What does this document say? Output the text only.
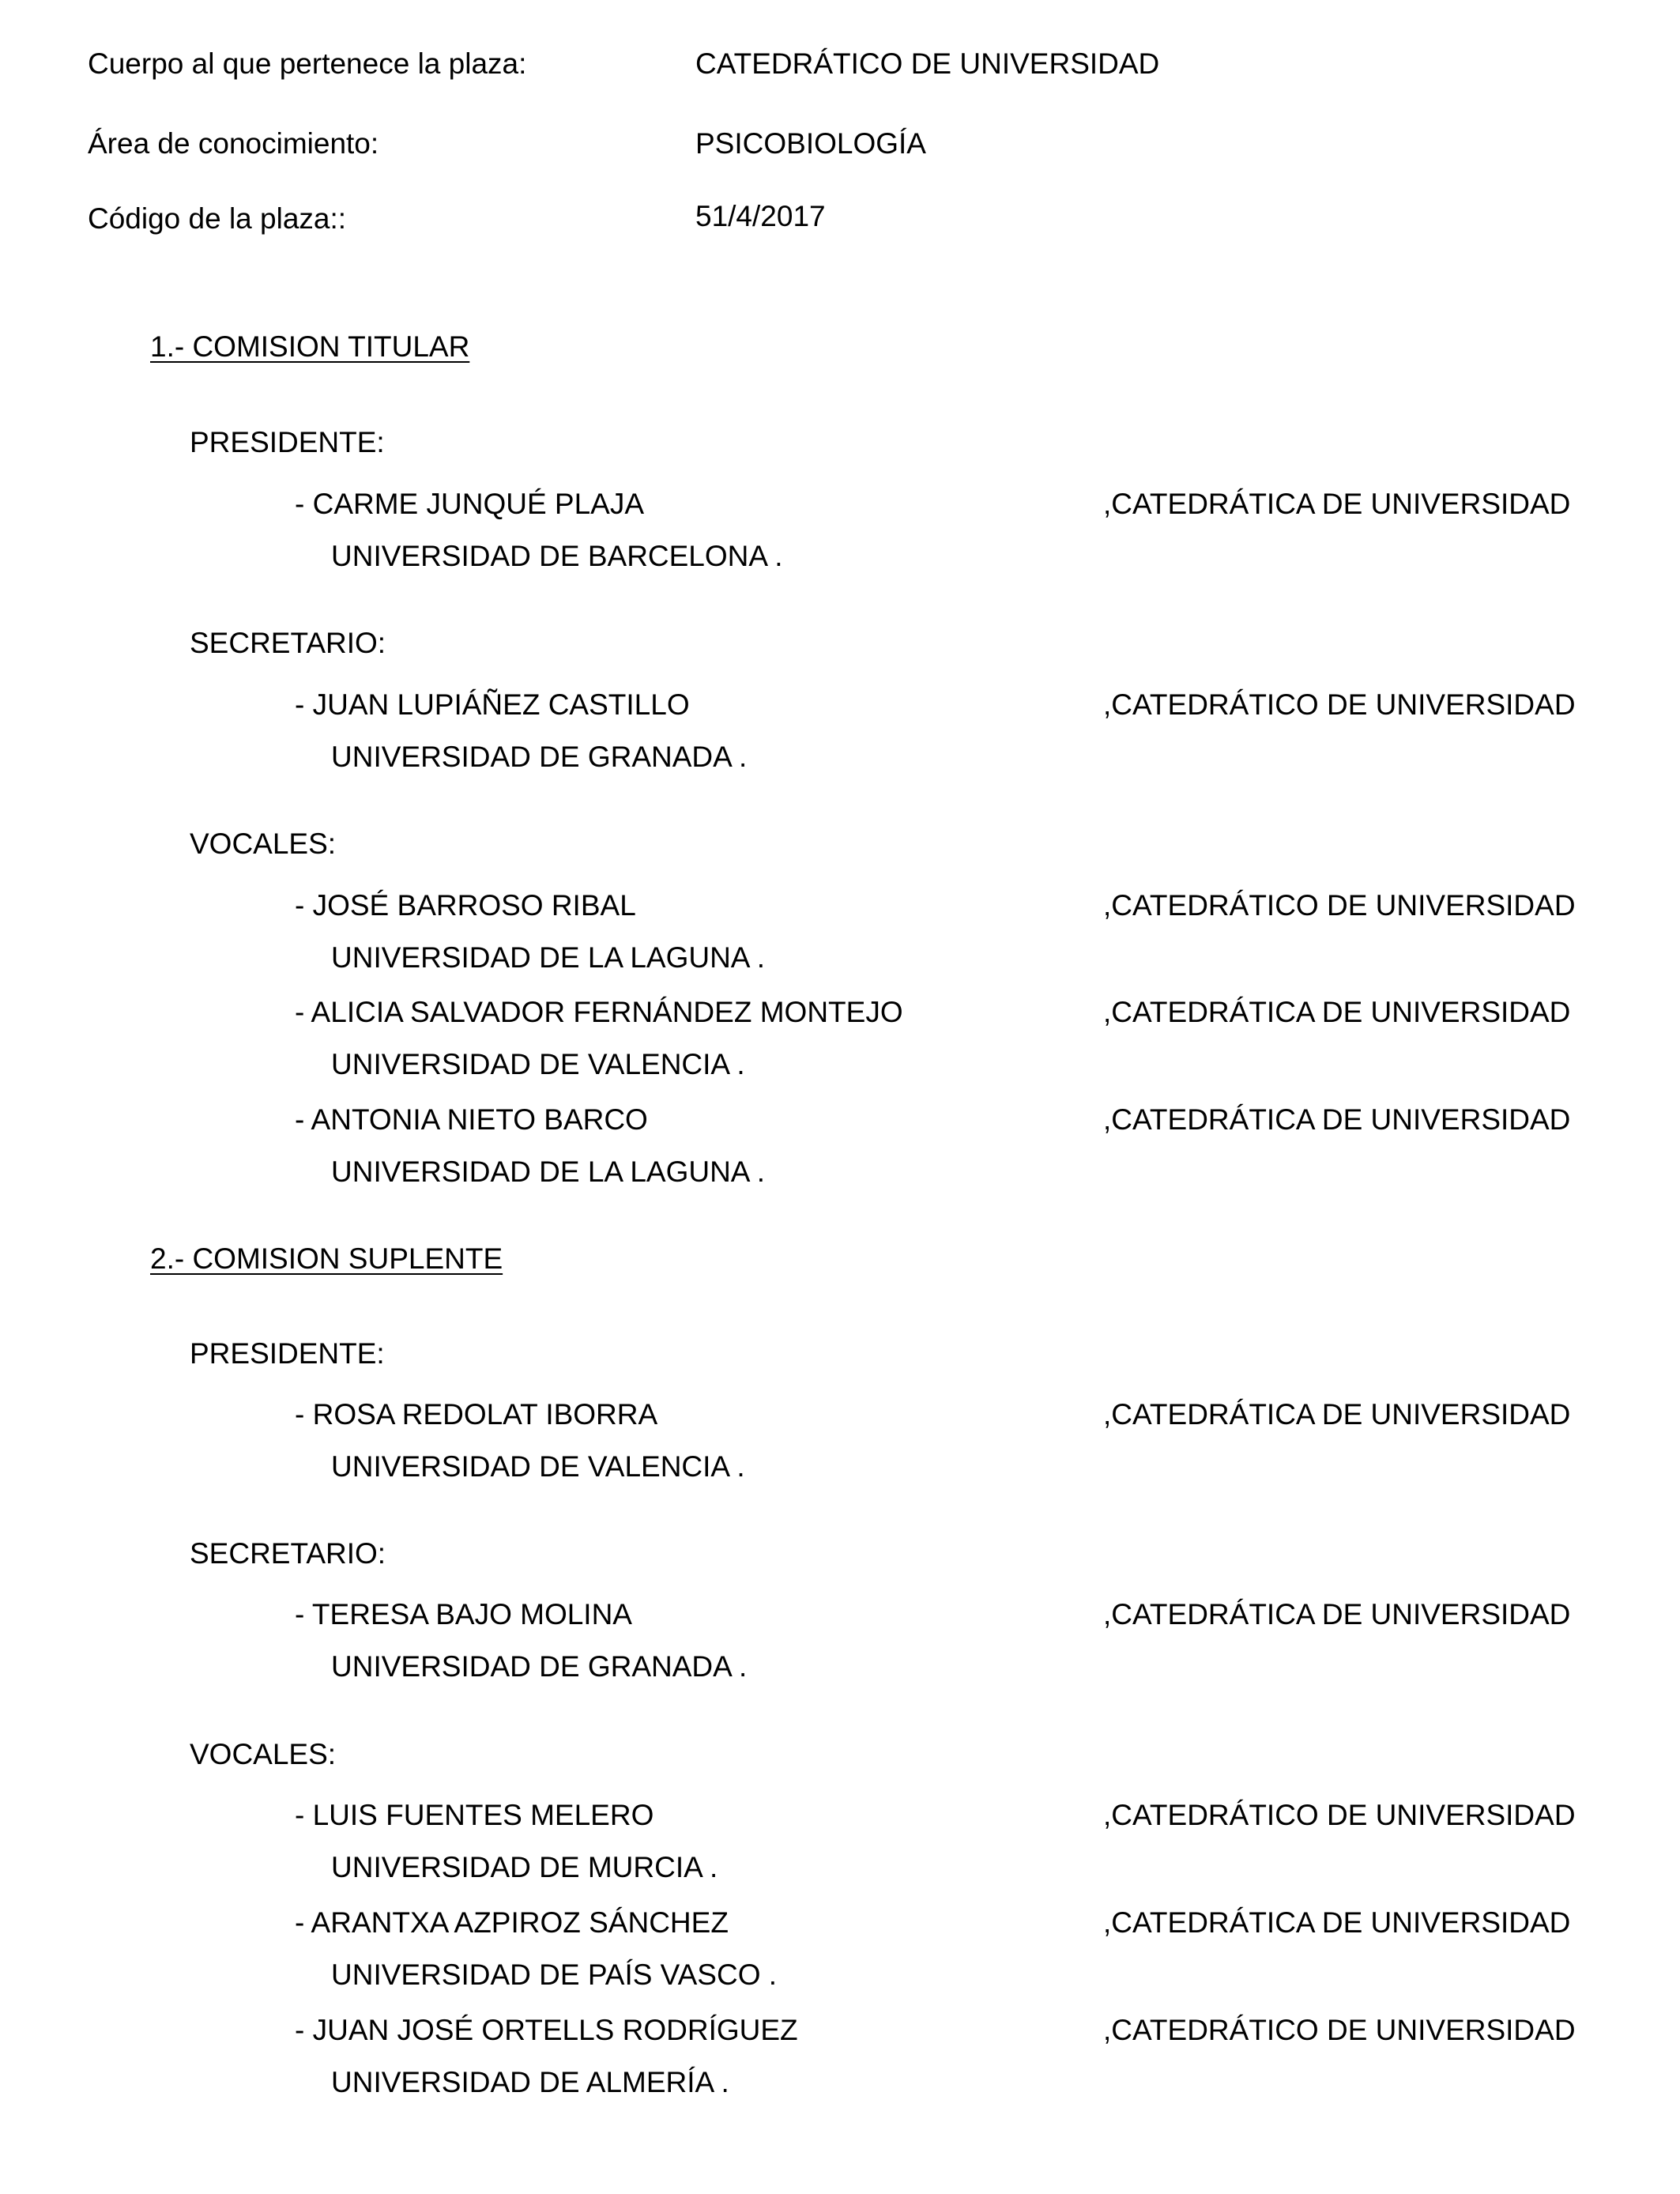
Cuerpo al que pertenece la plaza:	CATEDRÁTICO DE UNIVERSIDAD
Área de conocimiento:	PSICOBIOLOGÍA
Código de la plaza::	51/4/2017
1.- COMISION TITULAR
PRESIDENTE:
- CARME JUNQUÉ PLAJA	,CATEDRÁTICA DE UNIVERSIDAD
UNIVERSIDAD DE BARCELONA .
SECRETARIO:
- JUAN LUPIÁÑEZ CASTILLO	,CATEDRÁTICO DE UNIVERSIDAD
UNIVERSIDAD DE GRANADA .
VOCALES:
- JOSÉ BARROSO RIBAL	,CATEDRÁTICO DE UNIVERSIDAD
UNIVERSIDAD DE LA LAGUNA .
- ALICIA SALVADOR FERNÁNDEZ MONTEJO	,CATEDRÁTICA DE UNIVERSIDAD
UNIVERSIDAD DE VALENCIA .
- ANTONIA NIETO BARCO	,CATEDRÁTICA DE UNIVERSIDAD
UNIVERSIDAD DE LA LAGUNA .
2.- COMISION SUPLENTE
PRESIDENTE:
- ROSA REDOLAT IBORRA	,CATEDRÁTICA DE UNIVERSIDAD
UNIVERSIDAD DE VALENCIA .
SECRETARIO:
- TERESA BAJO MOLINA	,CATEDRÁTICA DE UNIVERSIDAD
UNIVERSIDAD DE GRANADA .
VOCALES:
- LUIS FUENTES MELERO	,CATEDRÁTICO DE UNIVERSIDAD
UNIVERSIDAD DE MURCIA .
- ARANTXA AZPIROZ SÁNCHEZ	,CATEDRÁTICA DE UNIVERSIDAD
UNIVERSIDAD DE PAÍS VASCO .
- JUAN JOSÉ ORTELLS RODRÍGUEZ	,CATEDRÁTICO DE UNIVERSIDAD
UNIVERSIDAD DE ALMERÍA .
